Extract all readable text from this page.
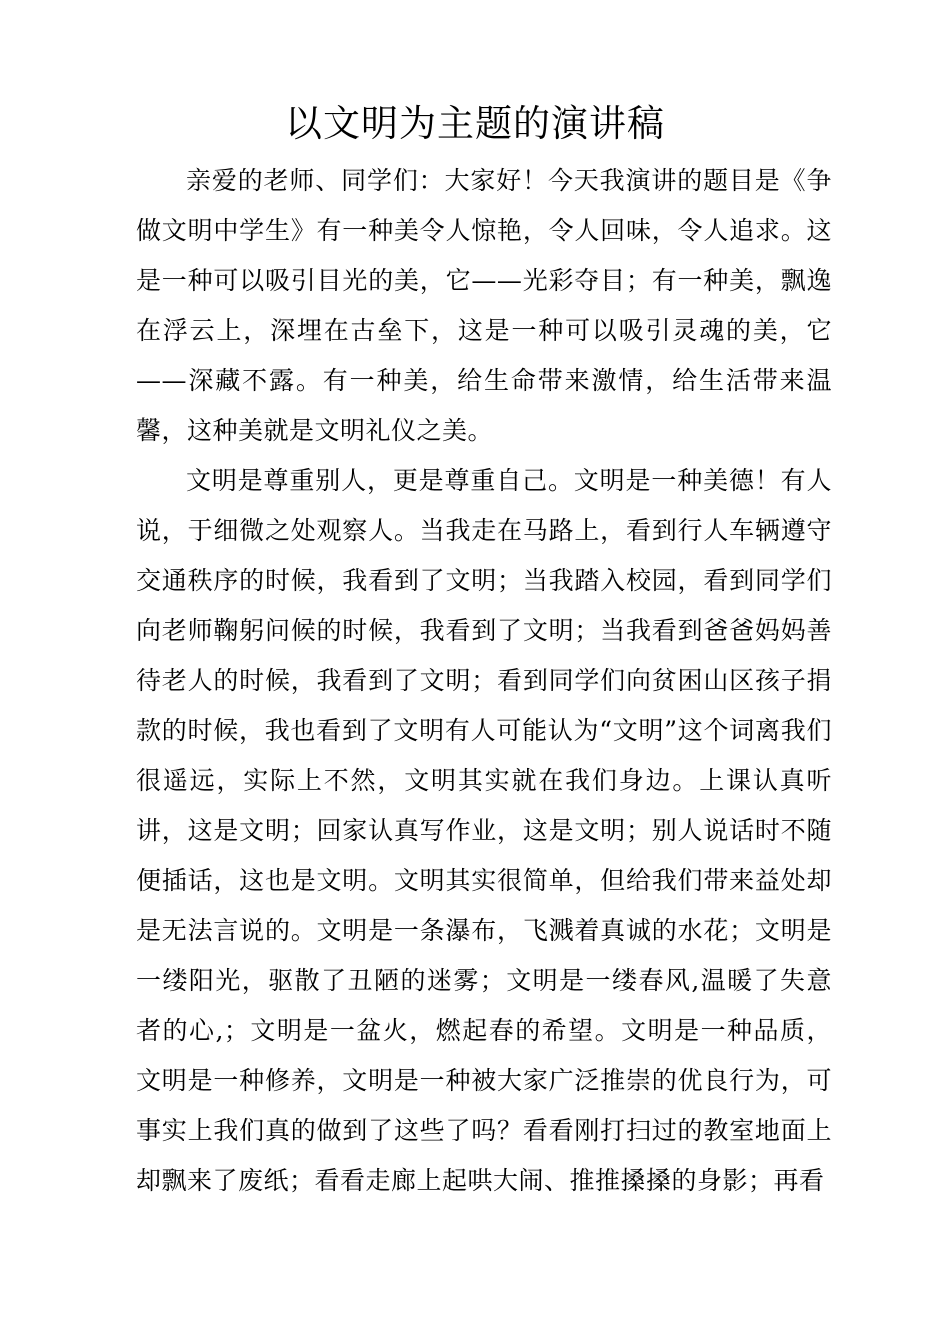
以文明为主题的演讲稿

亲爱的老师、同学们：大家好！今天我演讲的题目是《争做文明中学生》有一种美令人惊艳，令人回味，令人追求。这是一种可以吸引目光的美，它——光彩夺目；有一种美，飘逸在浮云上，深埋在古垒下，这是一种可以吸引灵魂的美，它——深藏不露。有一种美，给生命带来激情，给生活带来温馨，这种美就是文明礼仪之美。

文明是尊重别人，更是尊重自己。文明是一种美德！有人说，于细微之处观察人。当我走在马路上，看到行人车辆遵守交通秩序的时候，我看到了文明；当我踏入校园，看到同学们向老师鞠躬问候的时候，我看到了文明；当我看到爸爸妈妈善待老人的时候，我看到了文明；看到同学们向贫困山区孩子捐款的时候，我也看到了文明有人可能认为“文明”这个词离我们很遥远，实际上不然，文明其实就在我们身边。上课认真听讲，这是文明；回家认真写作业，这是文明；别人说话时不随便插话，这也是文明。文明其实很简单，但给我们带来益处却是无法言说的。文明是一条瀑布，飞溅着真诚的水花；文明是一缕阳光，驱散了丑陋的迷雾；文明是一缕春风,温暖了失意者的心,；文明是一盆火，燃起春的希望。文明是一种品质，文明是一种修养，文明是一种被大家广泛推崇的优良行为，可事实上我们真的做到了这些了吗？看看刚打扫过的教室地面上却飘来了废纸；看看走廊上起哄大闹、推推搡搡的身影；再看
